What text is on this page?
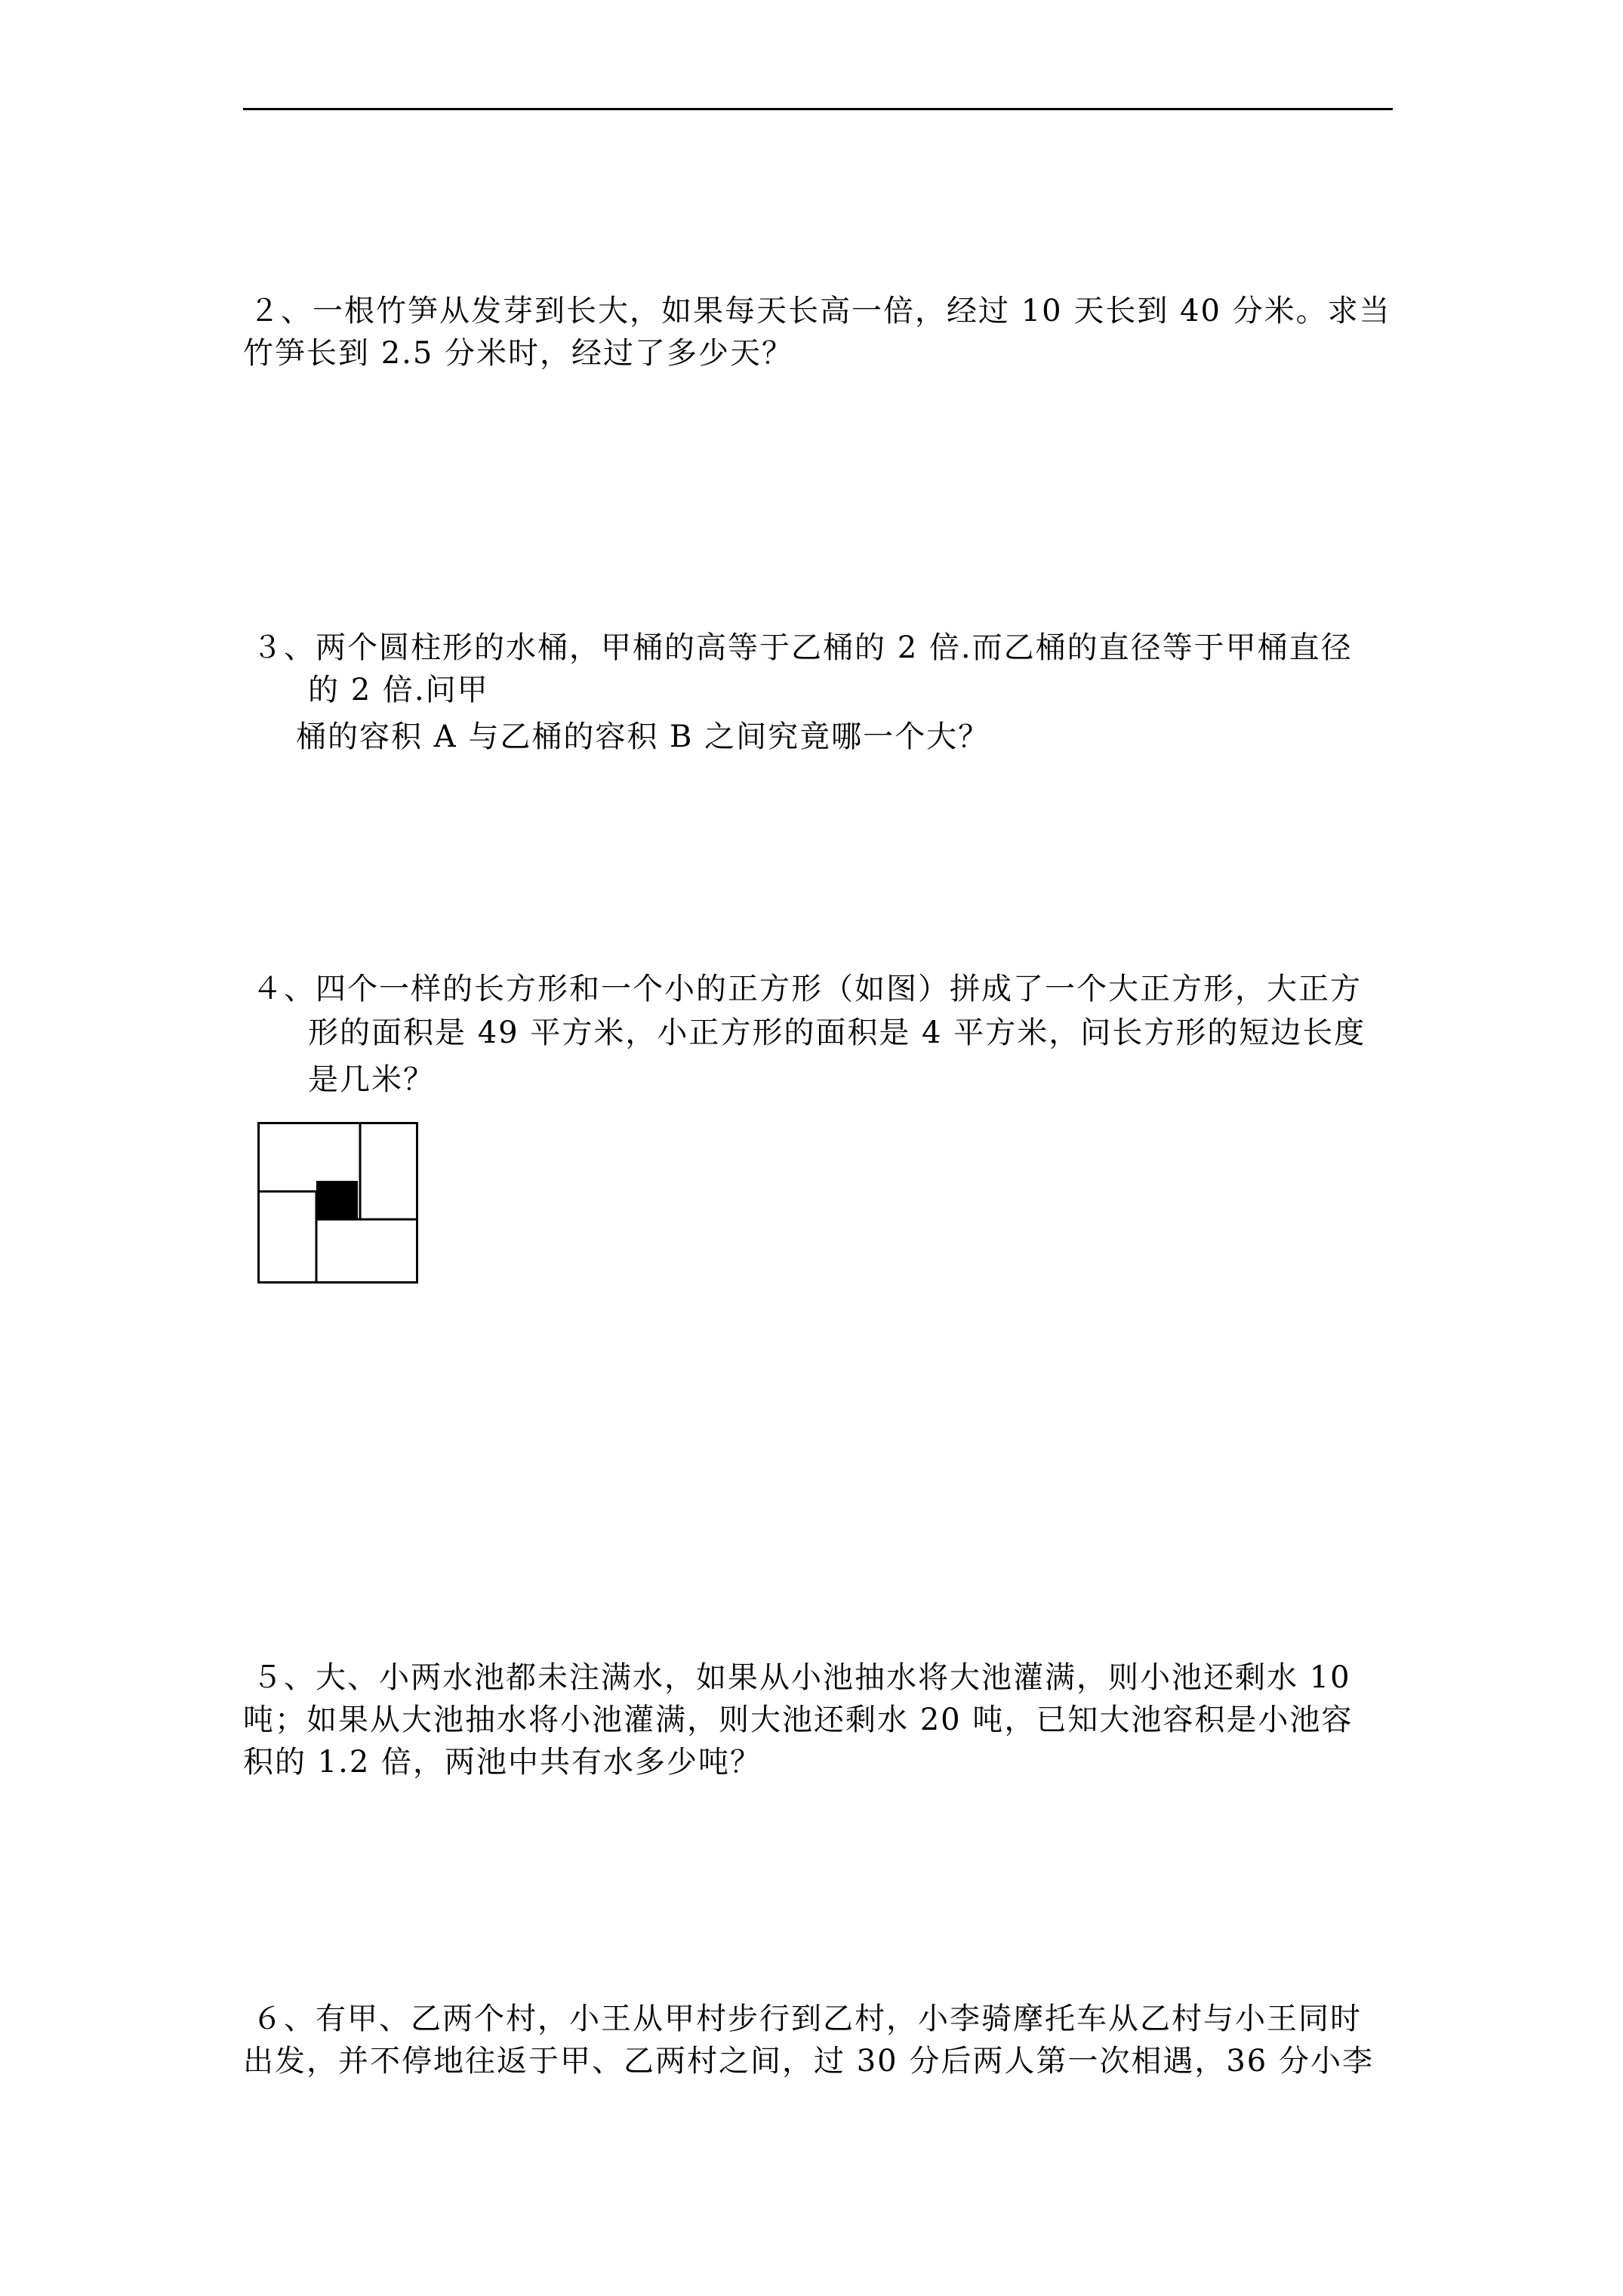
２、一根竹笋从发芽到长大，如果每天长高一倍，经过 10 天长到 40 分米。求当
竹笋长到 2.5 分米时，经过了多少天？
３、两个圆柱形的水桶，甲桶的高等于乙桶的 2 倍.而乙桶的直径等于甲桶直径
的 2 倍.问甲
桶的容积 A 与乙桶的容积 B 之间究竟哪一个大？
４、四个一样的长方形和一个小的正方形（如图）拼成了一个大正方形，大正方
形的面积是 49 平方米，小正方形的面积是 4 平方米，问长方形的短边长度
是几米？
５、大、小两水池都未注满水，如果从小池抽水将大池灌满，则小池还剩水 10
吨；如果从大池抽水将小池灌满，则大池还剩水 20 吨，已知大池容积是小池容
积的 1.2 倍，两池中共有水多少吨？
６、有甲、乙两个村，小王从甲村步行到乙村，小李骑摩托车从乙村与小王同时
出发，并不停地往返于甲、乙两村之间，过 30 分后两人第一次相遇，36 分小李
